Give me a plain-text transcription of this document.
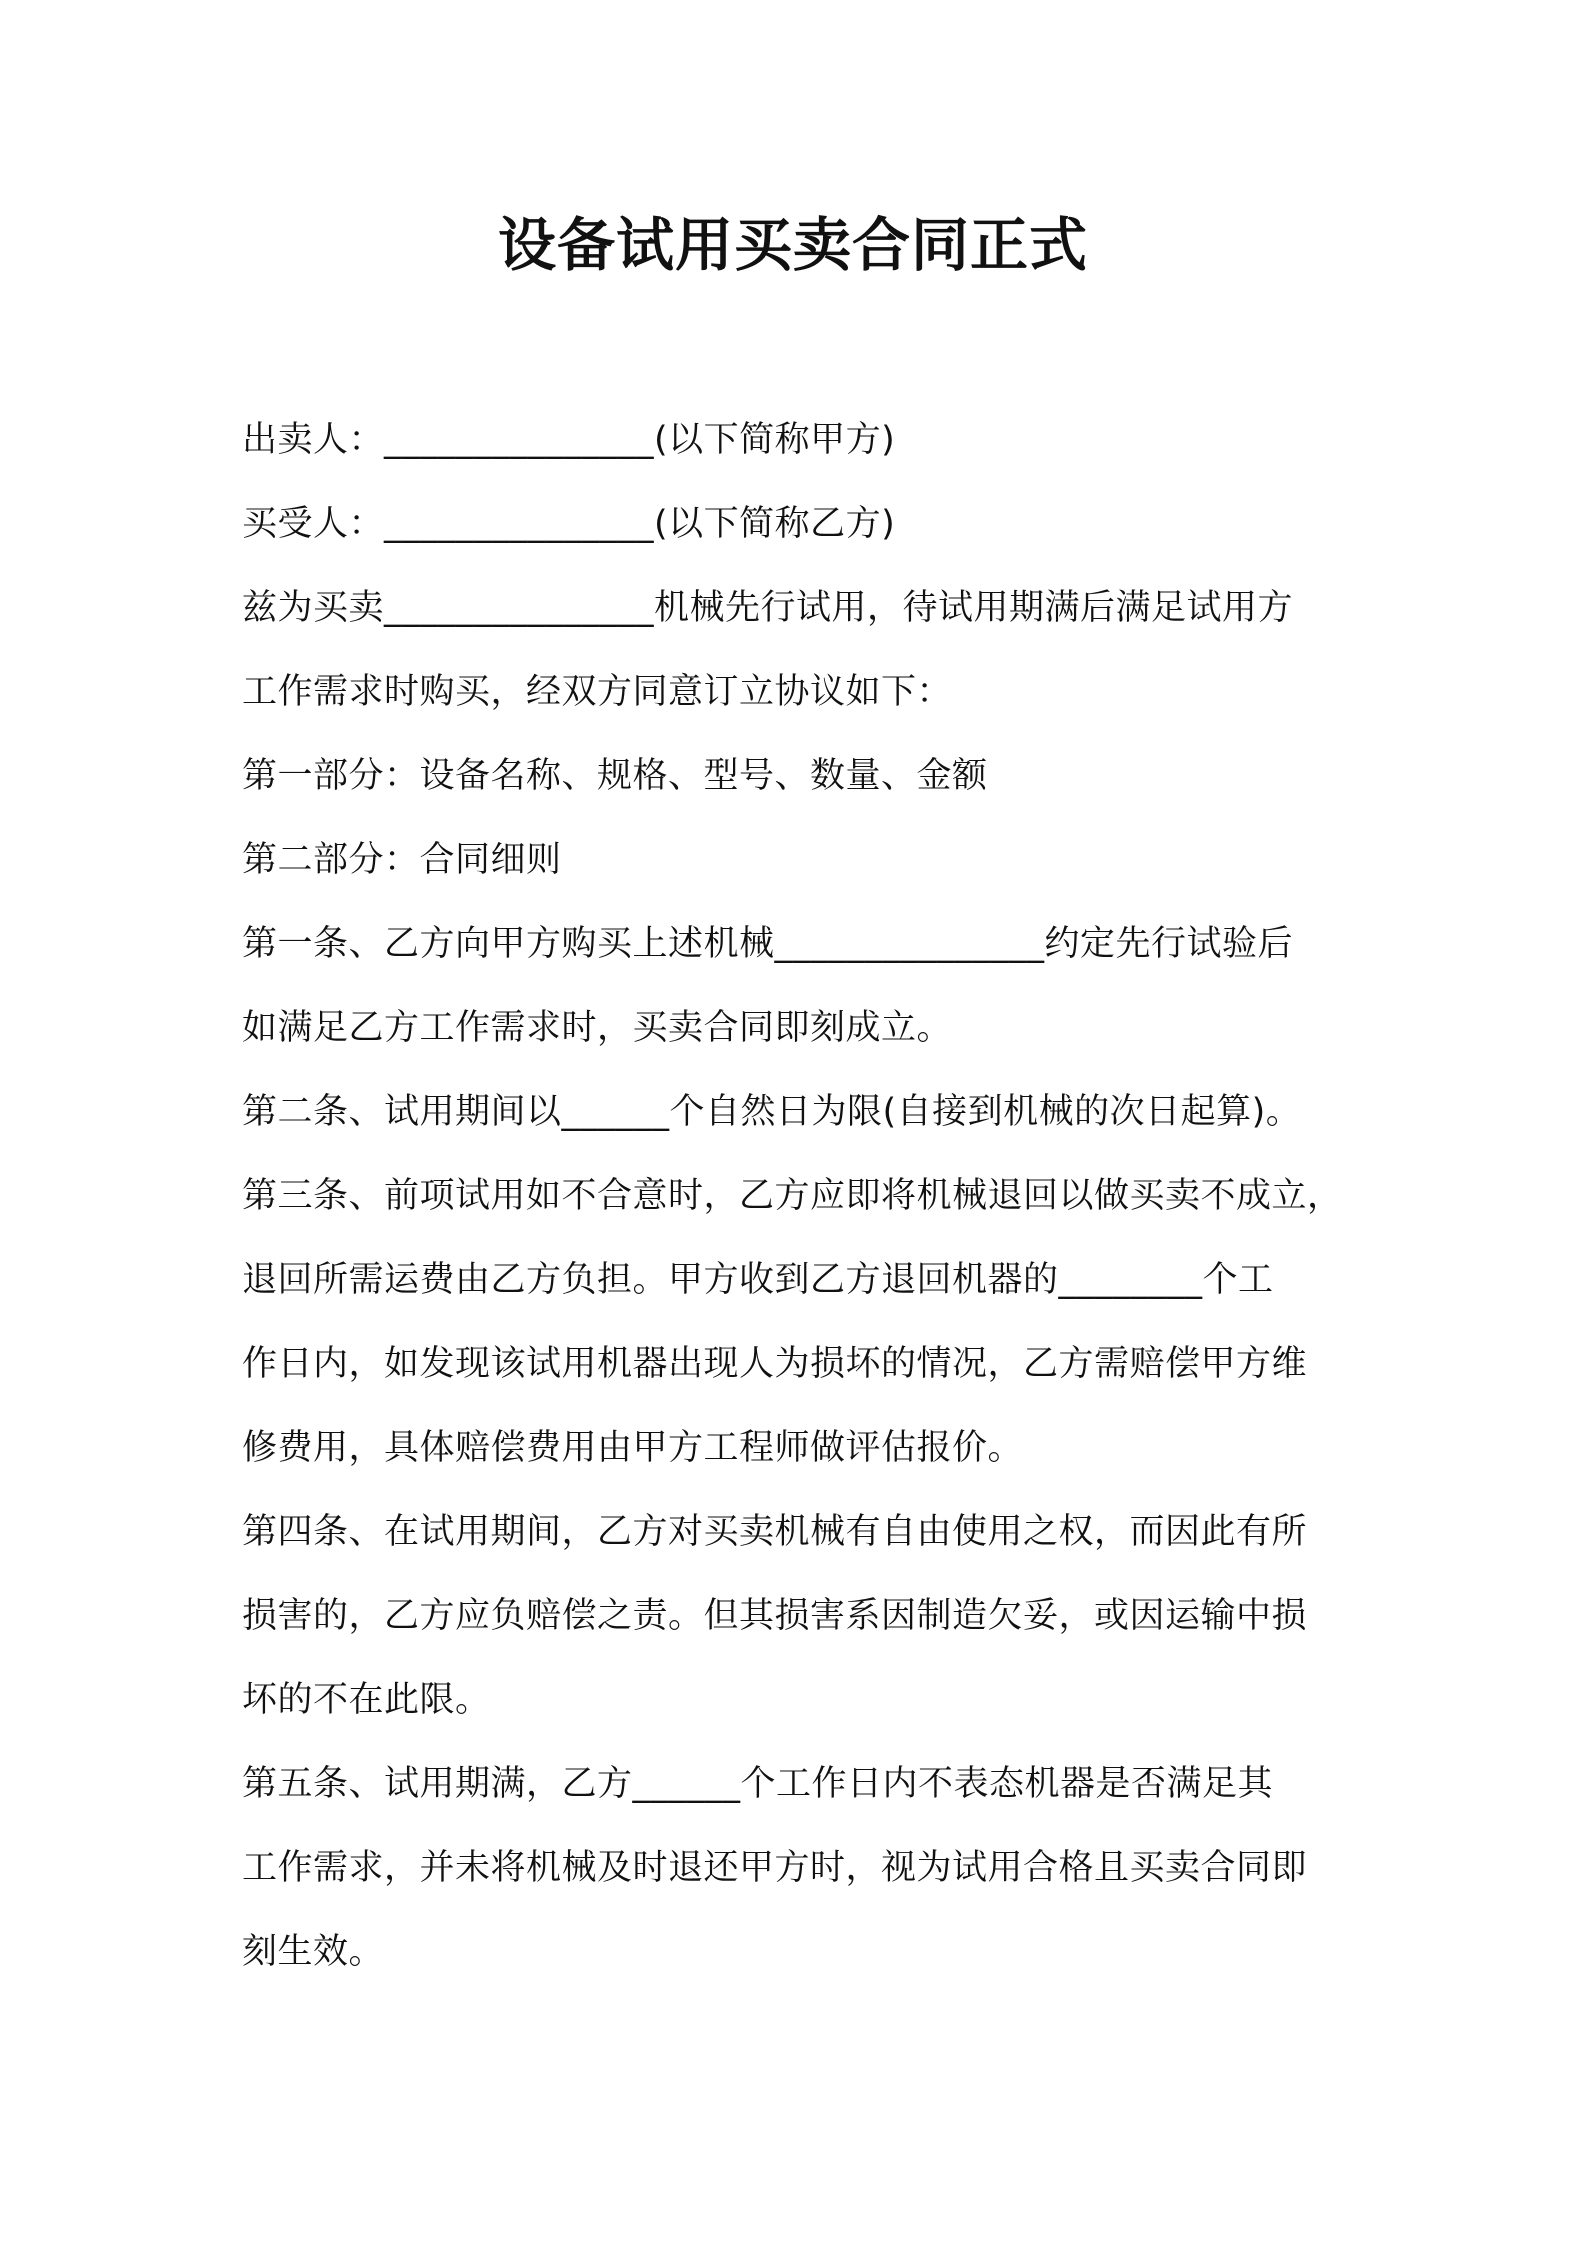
设备试用买卖合同正式
出卖人：_______________(以下简称甲方)
买受人：_______________(以下简称乙方)
兹为买卖_______________机械先行试用，待试用期满后满足试用方
工作需求时购买，经双方同意订立协议如下：
第一部分：设备名称、规格、型号、数量、金额
第二部分：合同细则
第一条、乙方向甲方购买上述机械_______________约定先行试验后
如满足乙方工作需求时，买卖合同即刻成立。
第二条、试用期间以______个自然日为限(自接到机械的次日起算)。
第三条、前项试用如不合意时，乙方应即将机械退回以做买卖不成立，
退回所需运费由乙方负担。甲方收到乙方退回机器的________个工
作日内，如发现该试用机器出现人为损坏的情况，乙方需赔偿甲方维
修费用，具体赔偿费用由甲方工程师做评估报价。
第四条、在试用期间，乙方对买卖机械有自由使用之权，而因此有所
损害的，乙方应负赔偿之责。但其损害系因制造欠妥，或因运输中损
坏的不在此限。
第五条、试用期满，乙方______个工作日内不表态机器是否满足其
工作需求，并未将机械及时退还甲方时，视为试用合格且买卖合同即
刻生效。
